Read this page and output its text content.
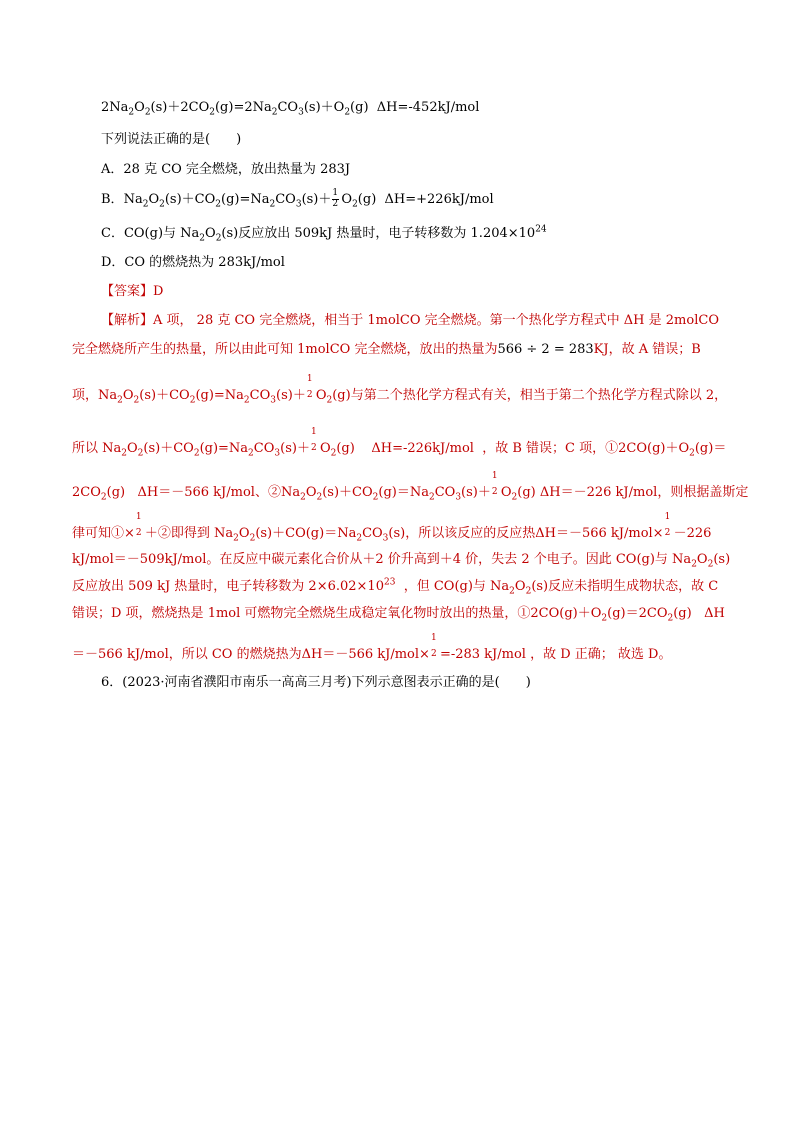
$2Na_2O_2(s)+2CO_2(g)=2Na_2CO_3(s)+O_2(g)$  ΔH=-452kJ/mol
下列说法正确的是(　　)
A．28 克 CO 完全燃烧，放出热量为 283J
B．$Na_2O_2(s)+CO_2(g)=Na_2CO_3(s)+ \frac{1}{2} O_2(g)$  ΔH=+226kJ/mol
C．CO(g)与 $Na_2O_2(s)$反应放出 509kJ 热量时，电子转移数为 $1.204\times 10^{24}$
D．CO 的燃烧热为 283kJ/mol
【答案】D
【解析】A 项， 28 克 CO 完全燃烧，相当于 1molCO 完全燃烧。第一个热化学方程式中 ΔH 是 2molCO
完全燃烧所产生的热量，所以由此可知 1molCO 完全燃烧，放出的热量为566 ÷ 2 = 283KJ，故 A 错误；B
项，$Na_2O_2(s)+CO_2(g)=Na_2CO_3(s)+$
1
2 $O_2(g)$与第二个热化学方程式有关，相当于第二个热化学方程式除以 2，
所以 $Na_2O_2(s)+CO_2(g)=Na_2CO_3(s)+$
1
2 $O_2(g)$    ΔH=-226kJ/mol  ，故 B 错误；C 项，$①2CO(g)+O_2(g)=$
$2CO_2(g)$   ΔH＝－566 kJ/mol、$②Na_2O_2(s)+CO_2(g)=Na_2CO_3(s)+$
1
2 $O_2(g)$ ΔH＝－226 kJ/mol，则根据盖斯定
律可知①×
1
2 ＋②即得到 $Na_2O_2(s)+CO(g)=Na_2CO_3(s)$，所以该反应的反应热ΔH＝－566 kJ/mol×
1
2 －226
kJ/mol＝－509kJ/mol。在反应中碳元素化合价从＋2 价升高到＋4 价，失去 2 个电子。因此 CO(g)与 $Na_2O_2(s)$
反应放出 509 kJ 热量时，电子转移数为 $2\times 6.02\times 10^{23}$  ，但 CO(g)与 $Na_2O_2(s)$反应未指明生成物状态，故 C
错误；D 项，燃烧热是 1mol 可燃物完全燃烧生成稳定氧化物时放出的热量，$①2CO(g)+O_2(g)=2CO_2(g)$   ΔH
＝－566 kJ/mol，所以 CO 的燃烧热为ΔH＝－566 kJ/mol×
1
2 =-283 kJ/mol ，故 D 正确； 故选 D。
6．(2023·河南省濮阳市南乐一高高三月考)下列示意图表示正确的是(　　)
